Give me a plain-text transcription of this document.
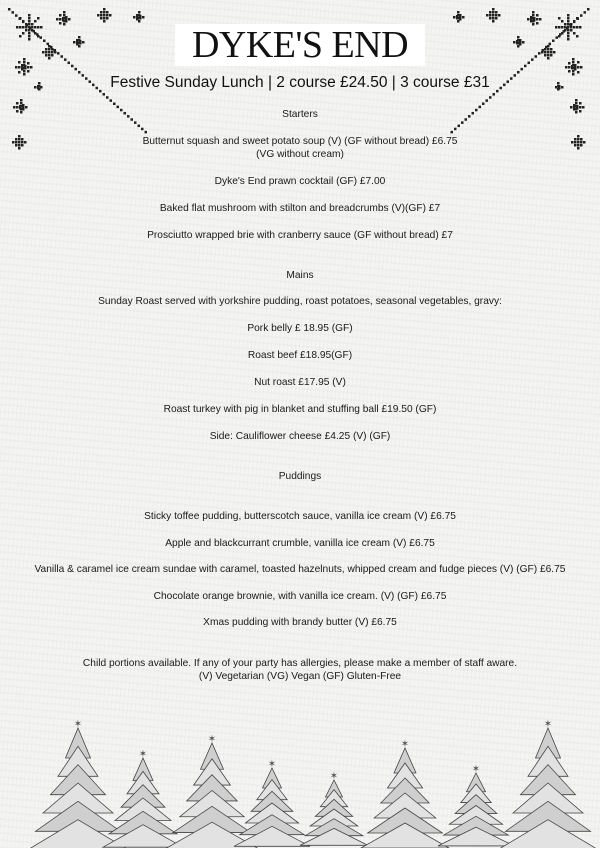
DYKE'S END
Festive Sunday Lunch | 2 course £24.50 | 3 course £31
Starters
Butternut squash and sweet potato soup (V) (GF without bread) £6.75
(VG without cream)
Dyke's End prawn cocktail (GF) £7.00
Baked flat mushroom with stilton and breadcrumbs (V)(GF) £7
Prosciutto wrapped brie with cranberry sauce (GF without bread) £7
Mains
Sunday Roast served with yorkshire pudding, roast potatoes, seasonal vegetables, gravy:
Pork belly £ 18.95 (GF)
Roast beef £18.95(GF)
Nut roast £17.95 (V)
Roast turkey with pig in blanket and stuffing ball £19.50 (GF)
Side: Cauliflower cheese £4.25 (V) (GF)
Puddings
Sticky toffee pudding, butterscotch sauce, vanilla ice cream (V) £6.75
Apple and blackcurrant crumble, vanilla ice cream (V) £6.75
Vanilla & caramel ice cream sundae with caramel, toasted hazelnuts, whipped cream and fudge pieces (V) (GF) £6.75
Chocolate orange brownie, with vanilla ice cream. (V) (GF) £6.75
Xmas pudding with brandy butter (V) £6.75
Child portions available. If any of your party has allergies, please make a member of staff aware.
(V) Vegetarian (VG) Vegan (GF) Gluten-Free
✶
✶
✶
✶
✶
✶
✶
✶
